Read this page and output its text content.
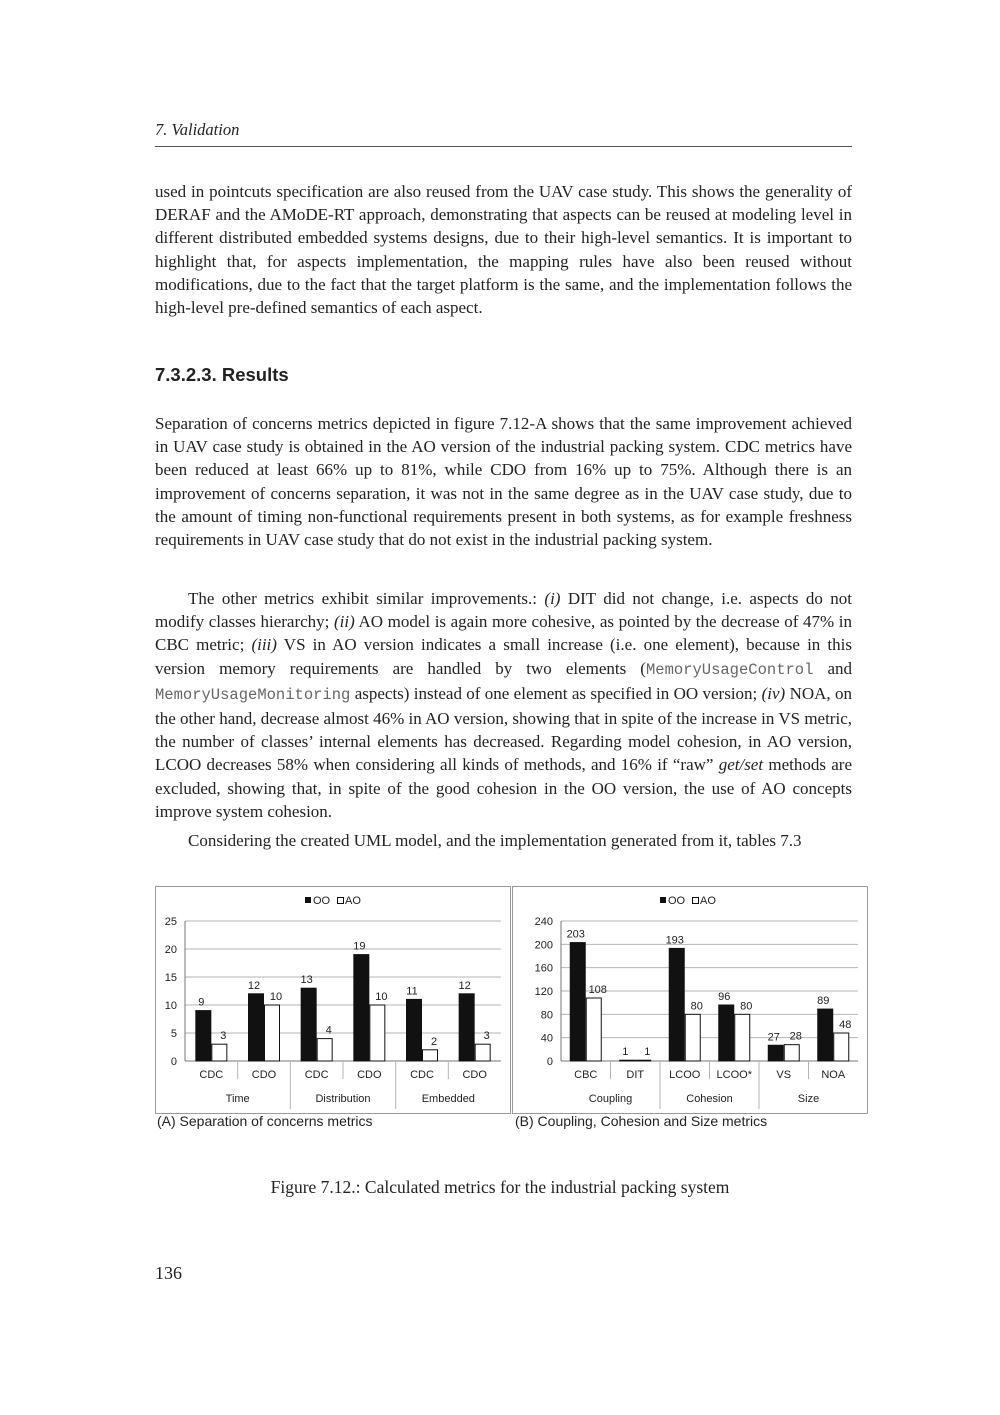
7. Validation

used in pointcuts specification are also reused from the UAV case study. This shows the generality of DERAF and the AMoDE-RT approach, demonstrating that aspects can be reused at modeling level in different distributed embedded systems designs, due to their high-level semantics. It is important to highlight that, for aspects implementation, the mapping rules have also been reused without modifications, due to the fact that the target platform is the same, and the implementation follows the high-level pre-defined semantics of each aspect.

7.3.2.3. Results

Separation of concerns metrics depicted in figure 7.12-A shows that the same improvement achieved in UAV case study is obtained in the AO version of the industrial packing system. CDC metrics have been reduced at least 66% up to 81%, while CDO from 16% up to 75%. Although there is an improvement of concerns separation, it was not in the same degree as in the UAV case study, due to the amount of timing non-functional requirements present in both systems, as for example freshness requirements in UAV case study that do not exist in the industrial packing system.

The other metrics exhibit similar improvements.: (i) DIT did not change, i.e. aspects do not modify classes hierarchy; (ii) AO model is again more cohesive, as pointed by the decrease of 47% in CBC metric; (iii) VS in AO version indicates a small increase (i.e. one element), because in this version memory requirements are handled by two elements (MemoryUsageControl and MemoryUsageMonitoring aspects) instead of one element as specified in OO version; (iv) NOA, on the other hand, decrease almost 46% in AO version, showing that in spite of the increase in VS metric, the number of classes’ internal elements has decreased. Regarding model cohesion, in AO version, LCOO decreases 58% when considering all kinds of methods, and 16% if “raw” get/set methods are excluded, showing that, in spite of the good cohesion in the OO version, the use of AO concepts improve system cohesion.

Considering the created UML model, and the implementation generated from it, tables 7.3

0
5
10
15
20
25
OO AO
9
3
CDC
12
10
CDO
13
4
CDC
19
10
CDO
11
2
CDC
12
3
CDO
Time	Distribution	Embedded
0
40
80
120
160
200
240
OO AO
203
108
CBC
1 1
DIT
193
80
LCOO
96
80
LCOO*
27 28
VS
89
48
NOA
Coupling	Cohesion	Size
(A) Separation of concerns metrics	(B) Coupling, Cohesion and Size metrics
Figure 7.12.: Calculated metrics for the industrial packing system
136
